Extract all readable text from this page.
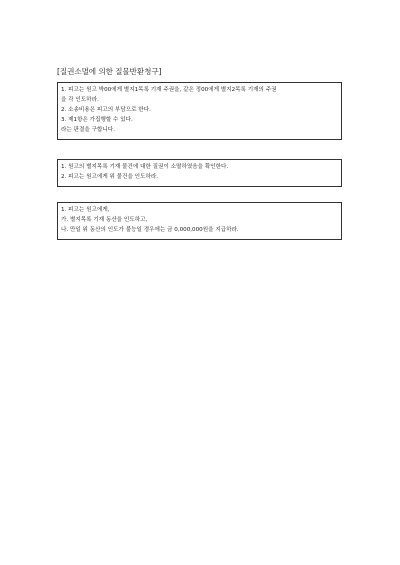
[질권소멸에 의한 질물반환청구]
1. 피고는 원고 박00에게 별지1목록 기재 주권을, 같은 정00에게 별지2목록 기재의 주권
을 각 인도하라.
2. 소송비용은 피고의 부담으로 한다.
3. 제1항은 가집행할 수 있다.
라는 판결을 구합니다.
1. 원고의 별지목록 기재 물건에 대한 질권이 소멸하였음을 확인한다.
2. 피고는 원고에게 위 물건을 인도하라.
1. 피고는 원고에게,
가. 별지목록 기재 동산을 인도하고,
나. 만일 위 동산의 인도가 불능일 경우에는 금 0,000,000원을 지급하라.
